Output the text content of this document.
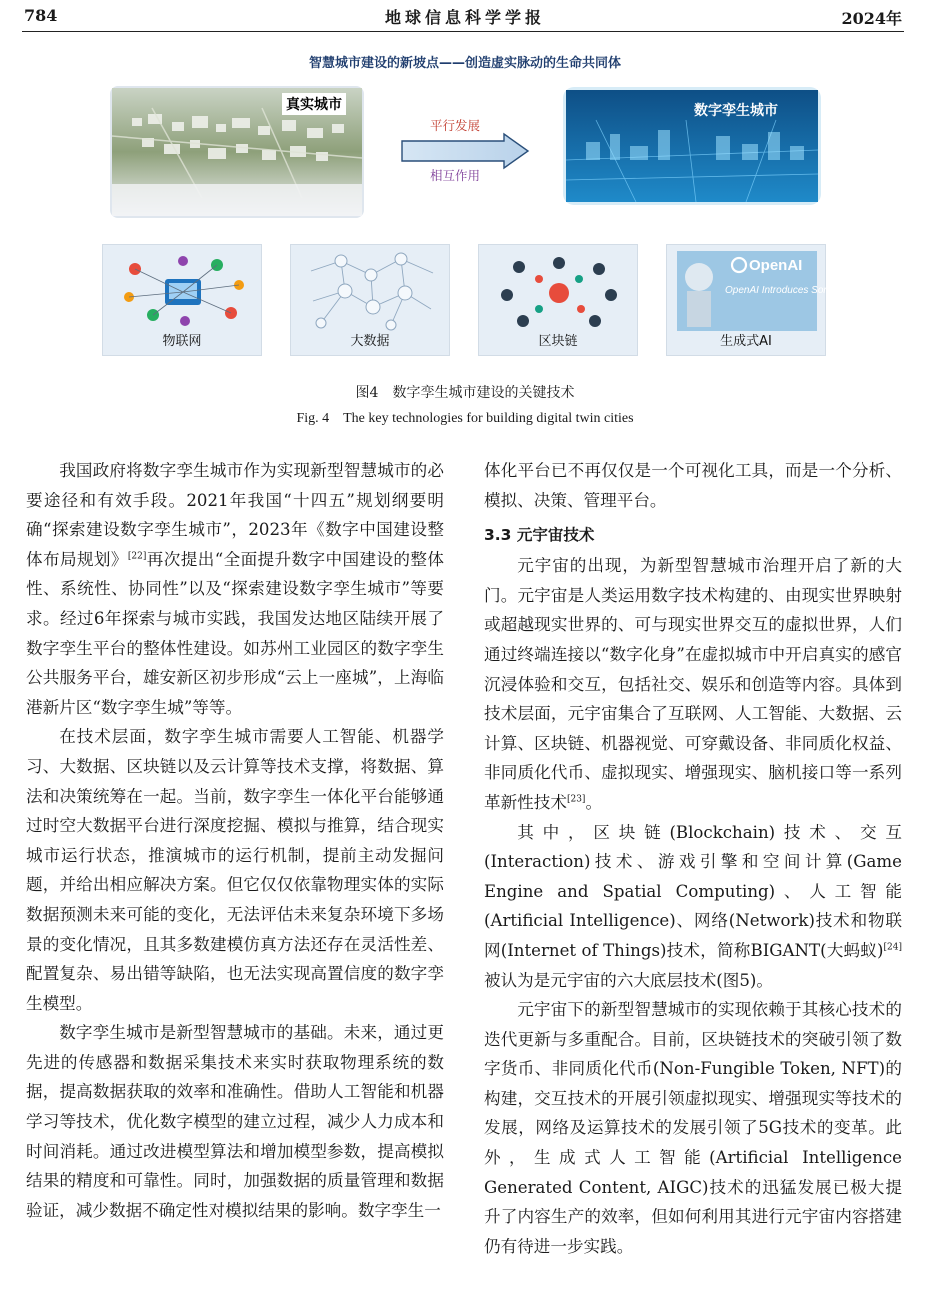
784	地球信息科学学报	2024年
智慧城市建设的新坡点——创造虚实脉动的生命共同体
真实城市
平行发展
相互作用
数字孪生城市
物联网	大数据	区块链
OpenAI
OpenAI Introduces Sora
生成式AI
图4　数字孪生城市建设的关键技术
Fig. 4　The key technologies for building digital twin cities

我国政府将数字孪生城市作为实现新型智慧城市的必要途径和有效手段。2021年我国“十四五”规划纲要明确“探索建设数字孪生城市”，2023年《数字中国建设整体布局规划》[22]再次提出“全面提升数字中国建设的整体性、系统性、协同性”以及“探索建设数字孪生城市”等要求。经过6年探索与城市实践，我国发达地区陆续开展了数字孪生平台的整体性建设。如苏州工业园区的数字孪生公共服务平台，雄安新区初步形成“云上一座城”，上海临港新片区“数字孪生城”等等。

在技术层面，数字孪生城市需要人工智能、机器学习、大数据、区块链以及云计算等技术支撑，将数据、算法和决策统筹在一起。当前，数字孪生一体化平台能够通过时空大数据平台进行深度挖掘、模拟与推算，结合现实城市运行状态，推演城市的运行机制，提前主动发掘问题，并给出相应解决方案。但它仅仅依靠物理实体的实际数据预测未来可能的变化，无法评估未来复杂环境下多场景的变化情况，且其多数建模仿真方法还存在灵活性差、配置复杂、易出错等缺陷，也无法实现高置信度的数字孪生模型。

数字孪生城市是新型智慧城市的基础。未来，通过更先进的传感器和数据采集技术来实时获取物理系统的数据，提高数据获取的效率和准确性。借助人工智能和机器学习等技术，优化数字模型的建立过程，减少人力成本和时间消耗。通过改进模型算法和增加模型参数，提高模拟结果的精度和可靠性。同时，加强数据的质量管理和数据验证，减少数据不确定性对模拟结果的影响。数字孪生一

体化平台已不再仅仅是一个可视化工具，而是一个分析、模拟、决策、管理平台。

3.3 元宇宙技术

元宇宙的出现，为新型智慧城市治理开启了新的大门。元宇宙是人类运用数字技术构建的、由现实世界映射或超越现实世界的、可与现实世界交互的虚拟世界，人们通过终端连接以“数字化身”在虚拟城市中开启真实的感官沉浸体验和交互，包括社交、娱乐和创造等内容。具体到技术层面，元宇宙集合了互联网、人工智能、大数据、云计算、区块链、机器视觉、可穿戴设备、非同质化权益、非同质化代币、虚拟现实、增强现实、脑机接口等一系列革新性技术[23]。

其中，区块链(Blockchain)技术、交互(Interaction)技术、游戏引擎和空间计算(Game Engine and Spatial Computing)、人工智能(Artificial Intelligence)、网络(Network)技术和物联网(Internet of Things)技术，简称BIGANT(大蚂蚁)[24]被认为是元宇宙的六大底层技术(图5)。

元宇宙下的新型智慧城市的实现依赖于其核心技术的迭代更新与多重配合。目前，区块链技术的突破引领了数字货币、非同质化代币(Non-Fungible Token, NFT)的构建，交互技术的开展引领虚拟现实、增强现实等技术的发展，网络及运算技术的发展引领了5G技术的变革。此外，生成式人工智能(Artificial Intelligence Generated Content, AIGC)技术的迅猛发展已极大提升了内容生产的效率，但如何利用其进行元宇宙内容搭建仍有待进一步实践。
